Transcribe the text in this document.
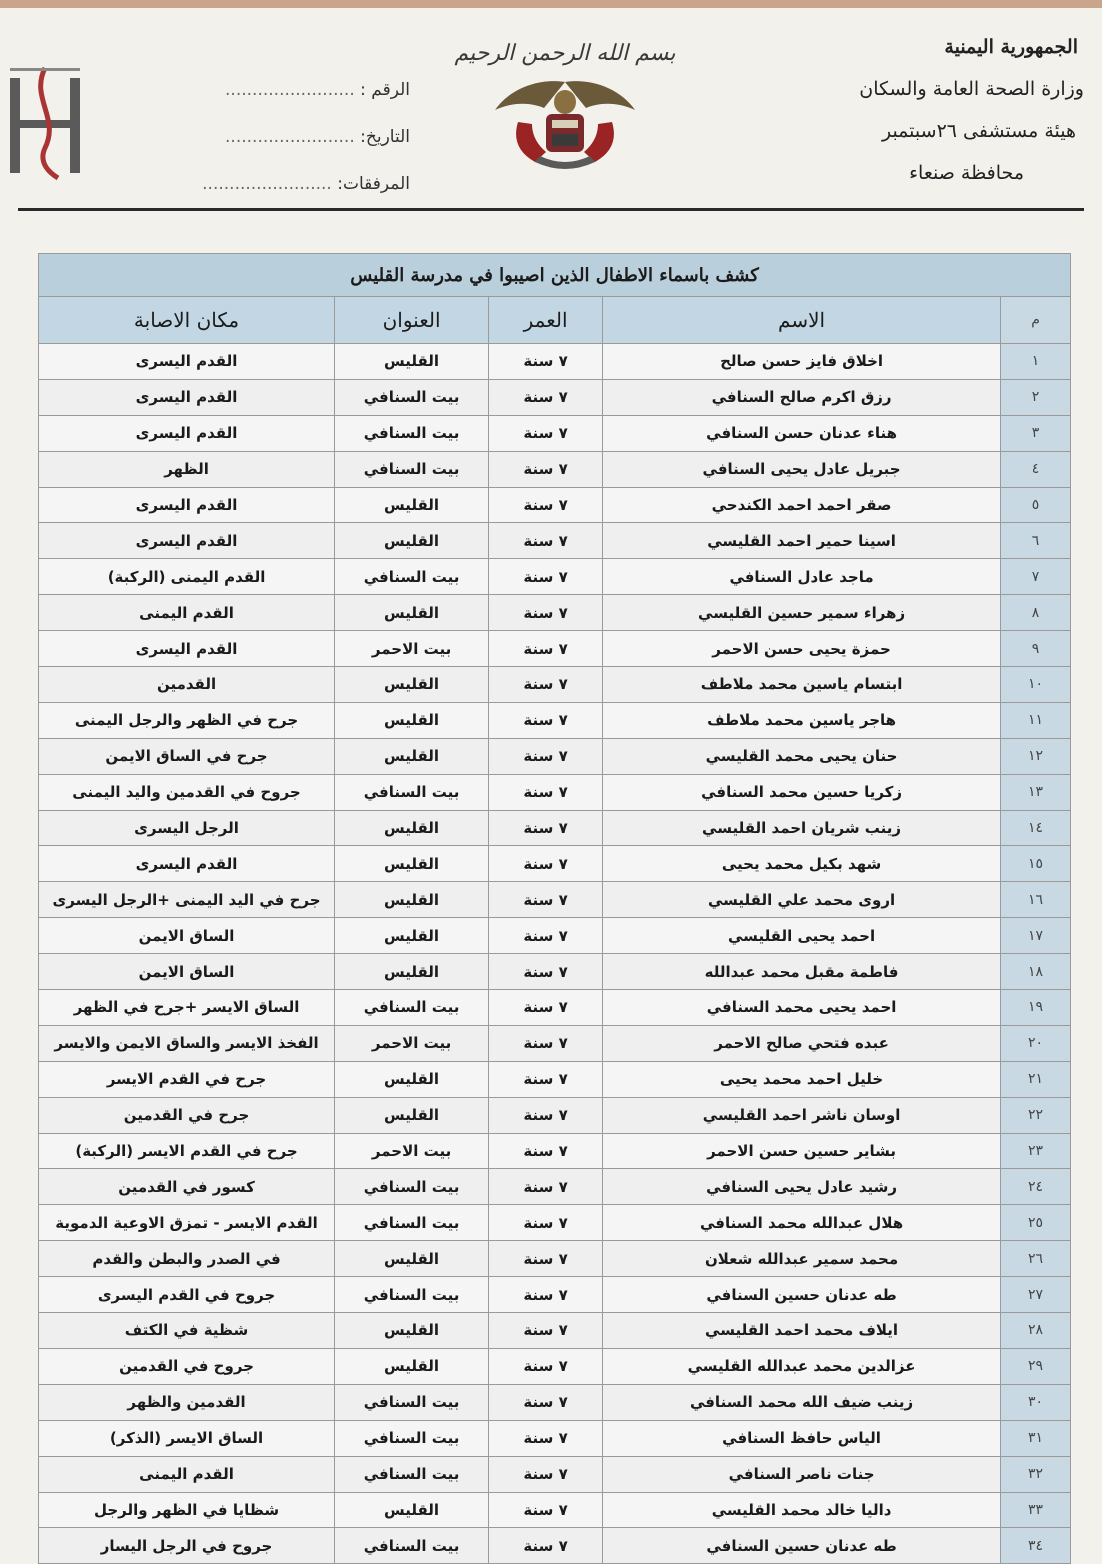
الجمهورية اليمنية
وزارة الصحة العامة والسكان
هيئة مستشفى ٢٦سبتمبر
محافظة صنعاء
بسم الله الرحمن الرحيم
الرقم : ........................
التاريخ: ........................
المرفقات: ........................
كشف باسماء الاطفال الذين اصيبوا في مدرسة القليس				
م	الاسم	العمر	العنوان	مكان الاصابة
١	اخلاق فايز حسن صالح	٧ سنة	القليس	القدم اليسرى
٢	رزق اكرم صالح السنافي	٧ سنة	بيت السنافي	القدم اليسرى
٣	هناء عدنان حسن السنافي	٧ سنة	بيت السنافي	القدم اليسرى
٤	جبريل عادل يحيى السنافي	٧ سنة	بيت السنافي	الظهر
٥	صقر احمد احمد الكندحي	٧ سنة	القليس	القدم اليسرى
٦	اسينا حمير احمد القليسي	٧ سنة	القليس	القدم اليسرى
٧	ماجد عادل السنافي	٧ سنة	بيت السنافي	القدم اليمنى (الركبة)
٨	زهراء سمير حسين القليسي	٧ سنة	القليس	القدم اليمنى
٩	حمزة يحيى حسن الاحمر	٧ سنة	بيت الاحمر	القدم اليسرى
١٠	ابتسام ياسين محمد ملاطف	٧ سنة	القليس	القدمين
١١	هاجر ياسين محمد ملاطف	٧ سنة	القليس	جرح في الظهر والرجل اليمنى
١٢	حنان يحيى محمد القليسي	٧ سنة	القليس	جرح في الساق الايمن
١٣	زكريا حسين محمد السنافي	٧ سنة	بيت السنافي	جروح في القدمين واليد اليمنى
١٤	زينب شريان احمد القليسي	٧ سنة	القليس	الرجل اليسرى
١٥	شهد بكيل محمد يحيى	٧ سنة	القليس	القدم اليسرى
١٦	اروى محمد علي القليسي	٧ سنة	القليس	جرح في اليد اليمنى +الرجل اليسرى
١٧	احمد يحيى القليسي	٧ سنة	القليس	الساق الايمن
١٨	فاطمة مقبل محمد عبدالله	٧ سنة	القليس	الساق الايمن
١٩	احمد يحيى محمد السنافي	٧ سنة	بيت السنافي	الساق الايسر +جرح في الظهر
٢٠	عبده فتحي صالح الاحمر	٧ سنة	بيت الاحمر	الفخذ الايسر والساق الايمن والايسر
٢١	خليل احمد محمد يحيى	٧ سنة	القليس	جرح في القدم الايسر
٢٢	اوسان ناشر احمد القليسي	٧ سنة	القليس	جرح في القدمين
٢٣	بشاير حسين حسن الاحمر	٧ سنة	بيت الاحمر	جرح في القدم الايسر (الركبة)
٢٤	رشيد عادل يحيى السنافي	٧ سنة	بيت السنافي	كسور في القدمين
٢٥	هلال عبدالله محمد السنافي	٧ سنة	بيت السنافي	القدم الايسر - تمزق الاوعية الدموية
٢٦	محمد سمير عبدالله شعلان	٧ سنة	القليس	في الصدر والبطن والقدم
٢٧	طه عدنان حسين السنافي	٧ سنة	بيت السنافي	جروح في القدم اليسرى
٢٨	ايلاف محمد احمد القليسي	٧ سنة	القليس	شظية في الكتف
٢٩	عزالدين محمد عبدالله القليسي	٧ سنة	القليس	جروح في القدمين
٣٠	زينب ضيف الله محمد السنافي	٧ سنة	بيت السنافي	القدمين والظهر
٣١	الياس حافظ السنافي	٧ سنة	بيت السنافي	الساق الايسر (الذكر)
٣٢	جنات ناصر السنافي	٧ سنة	بيت السنافي	القدم اليمنى
٣٣	داليا خالد محمد القليسي	٧ سنة	القليس	شظايا في الظهر والرجل
٣٤	طه عدنان حسين السنافي	٧ سنة	بيت السنافي	جروح في الرجل اليسار
